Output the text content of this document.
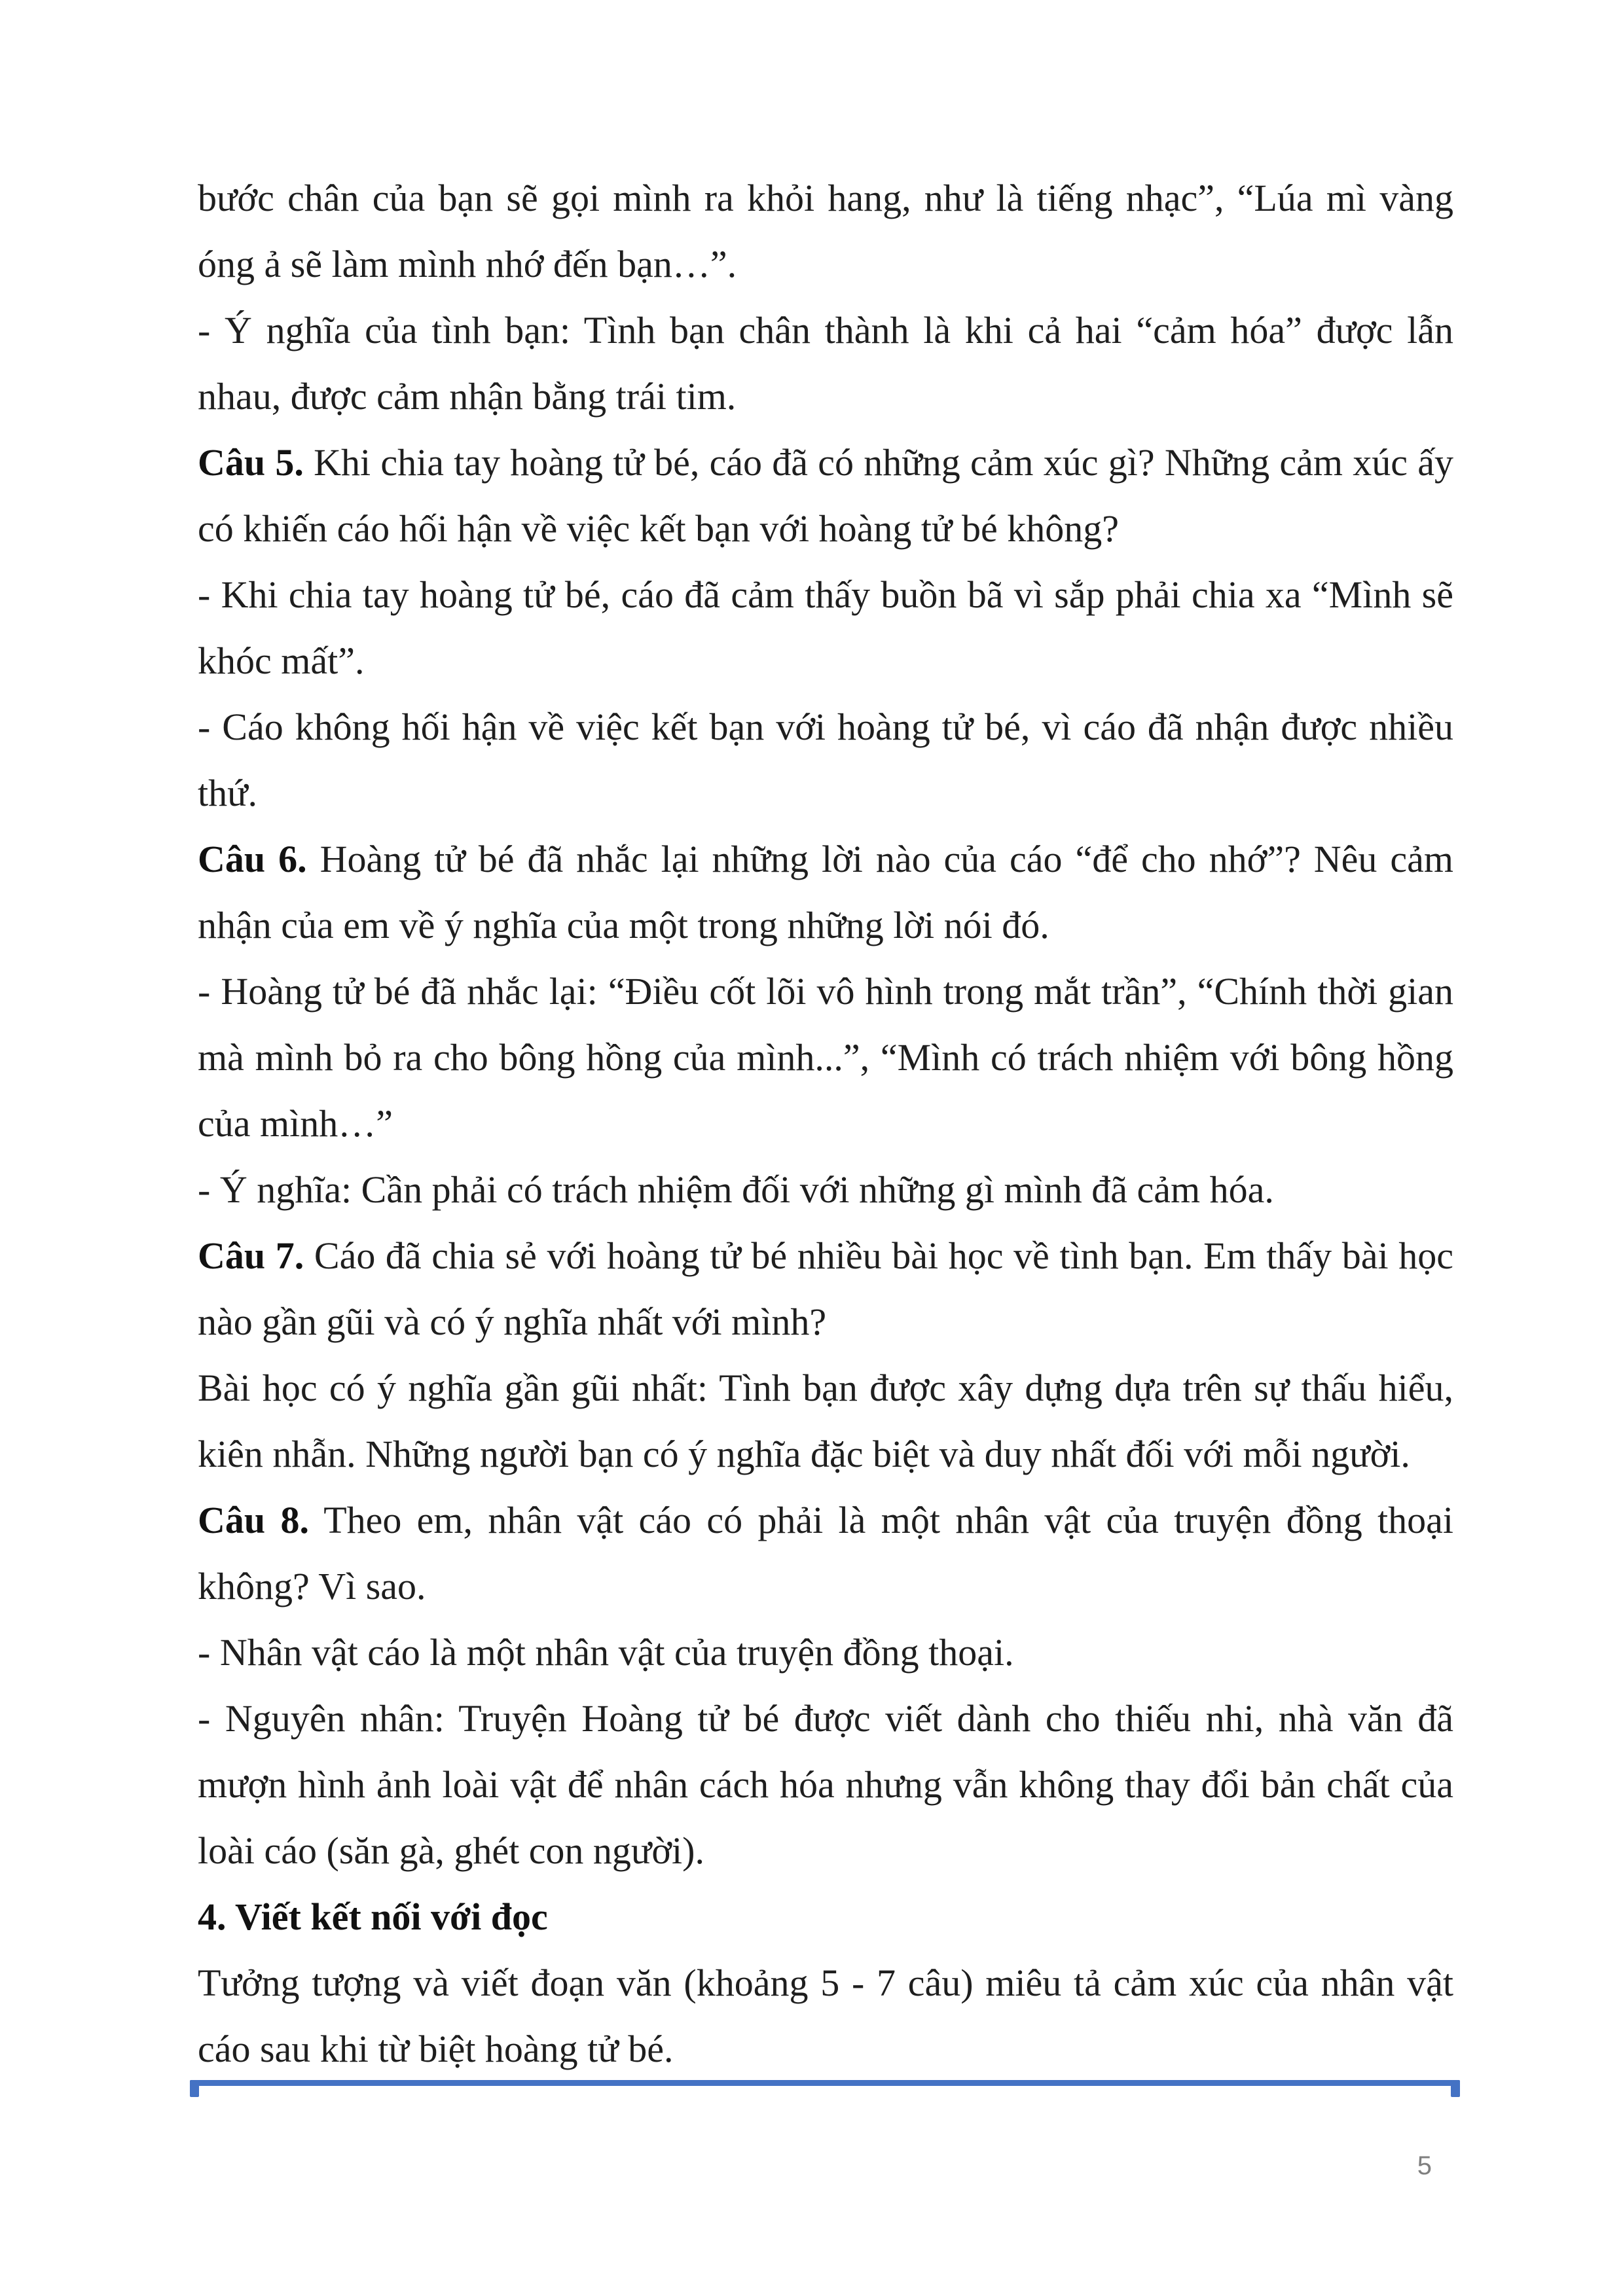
bước chân của bạn sẽ gọi mình ra khỏi hang, như là tiếng nhạc”, “Lúa mì vàng óng ả sẽ làm mình nhớ đến bạn…”.

- Ý nghĩa của tình bạn: Tình bạn chân thành là khi cả hai “cảm hóa” được lẫn nhau, được cảm nhận bằng trái tim.

Câu 5. Khi chia tay hoàng tử bé, cáo đã có những cảm xúc gì? Những cảm xúc ấy có khiến cáo hối hận về việc kết bạn với hoàng tử bé không?

- Khi chia tay hoàng tử bé, cáo đã cảm thấy buồn bã vì sắp phải chia xa “Mình sẽ khóc mất”.

- Cáo không hối hận về việc kết bạn với hoàng tử bé, vì cáo đã nhận được nhiều thứ.

Câu 6. Hoàng tử bé đã nhắc lại những lời nào của cáo “để cho nhớ”? Nêu cảm nhận của em về ý nghĩa của một trong những lời nói đó.

- Hoàng tử bé đã nhắc lại: “Điều cốt lõi vô hình trong mắt trần”, “Chính thời gian mà mình bỏ ra cho bông hồng của mình...”, “Mình có trách nhiệm với bông hồng của mình…”

- Ý nghĩa: Cần phải có trách nhiệm đối với những gì mình đã cảm hóa.

Câu 7. Cáo đã chia sẻ với hoàng tử bé nhiều bài học về tình bạn. Em thấy bài học nào gần gũi và có ý nghĩa nhất với mình?

Bài học có ý nghĩa gần gũi nhất: Tình bạn được xây dựng dựa trên sự thấu hiểu, kiên nhẫn. Những người bạn có ý nghĩa đặc biệt và duy nhất đối với mỗi người.

Câu 8. Theo em, nhân vật cáo có phải là một nhân vật của truyện đồng thoại không? Vì sao.

- Nhân vật cáo là một nhân vật của truyện đồng thoại.

- Nguyên nhân: Truyện Hoàng tử bé được viết dành cho thiếu nhi, nhà văn đã mượn hình ảnh loài vật để nhân cách hóa nhưng vẫn không thay đổi bản chất của loài cáo (săn gà, ghét con người).

4. Viết kết nối với đọc

Tưởng tượng và viết đoạn văn (khoảng 5 - 7 câu) miêu tả cảm xúc của nhân vật cáo sau khi từ biệt hoàng tử bé.

5
